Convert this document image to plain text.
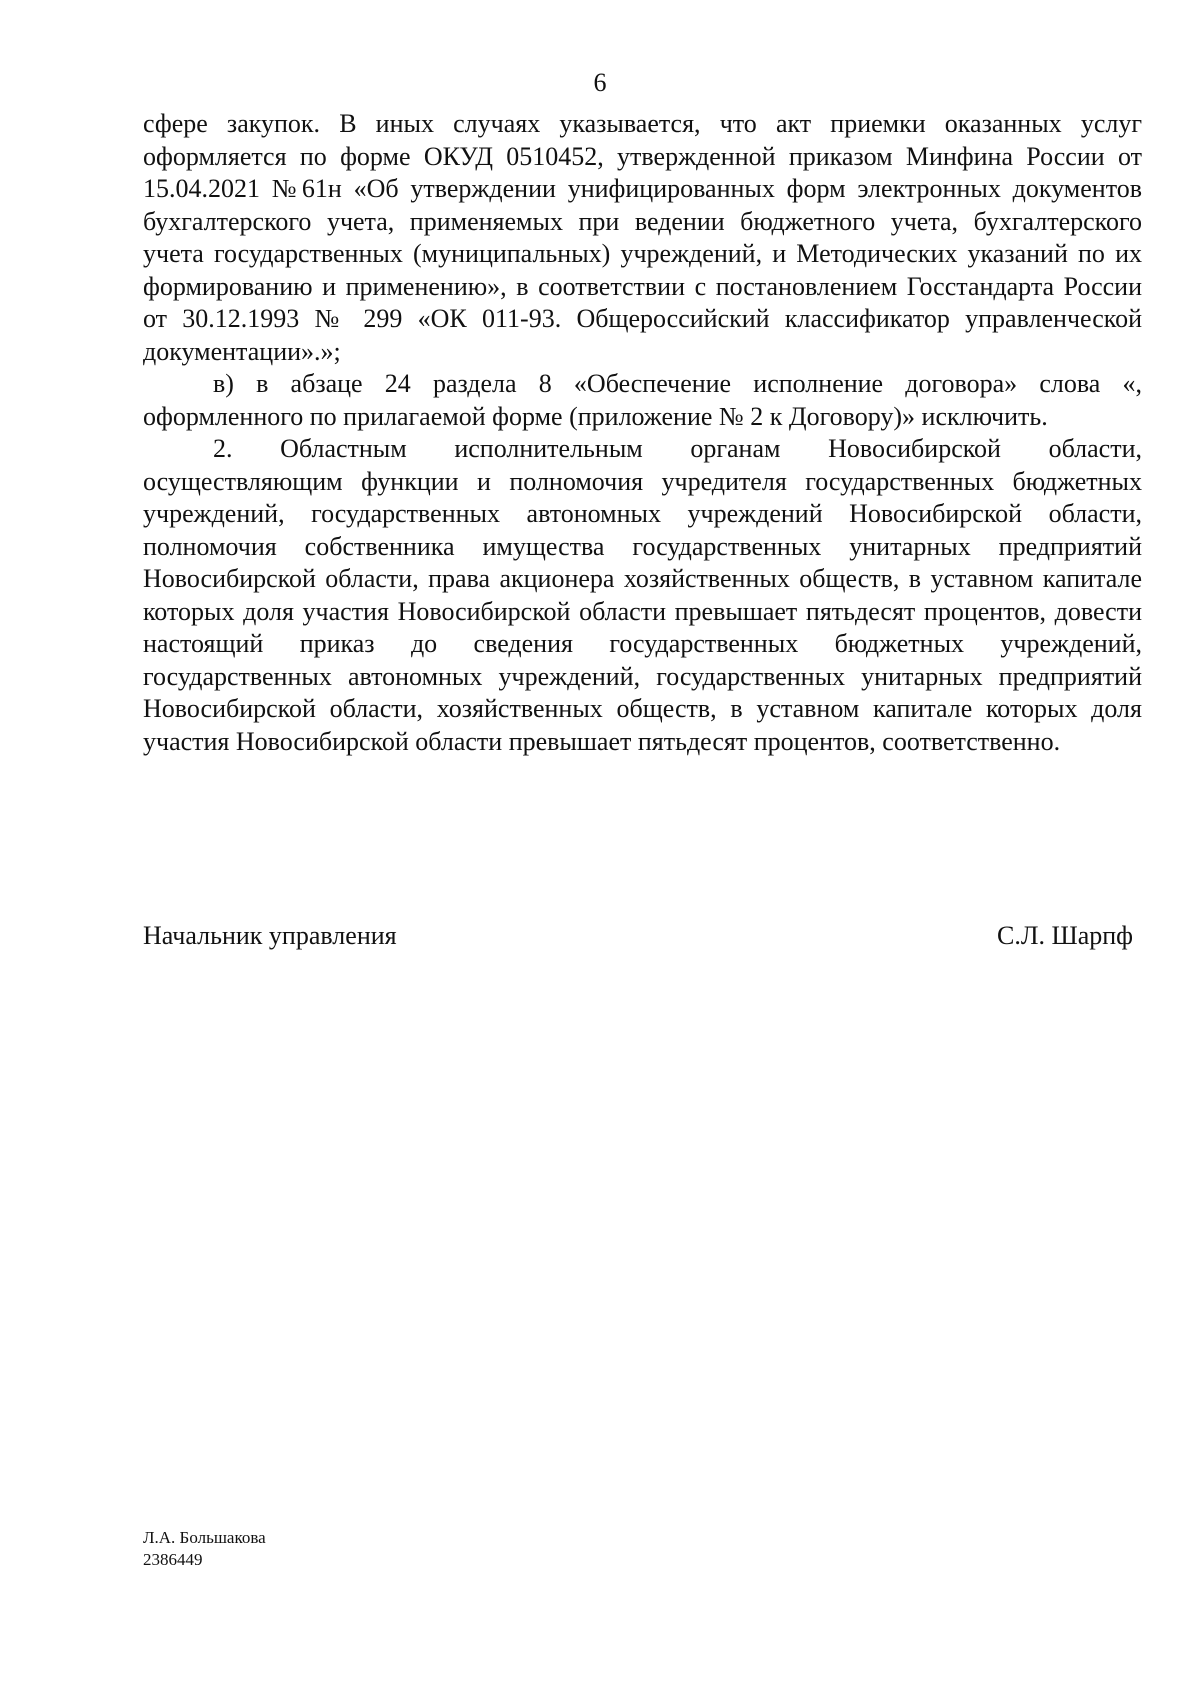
6

сфере закупок. В иных случаях указывается, что акт приемки оказанных услуг оформляется по форме ОКУД 0510452, утвержденной приказом Минфина России от 15.04.2021 №61н «Об утверждении унифицированных форм электронных документов бухгалтерского учета, применяемых при ведении бюджетного учета, бухгалтерского учета государственных (муниципальных) учреждений, и Методических указаний по их формированию и применению», в соответствии с постановлением Госстандарта России от 30.12.1993 № 299 «ОК 011-93. Общероссийский классификатор управленческой документации».»;

в) в абзаце 24 раздела 8 «Обеспечение исполнение договора» слова «, оформленного по прилагаемой форме (приложение № 2 к Договору)» исключить.

2. Областным исполнительным органам Новосибирской области, осуществляющим функции и полномочия учредителя государственных бюджетных учреждений, государственных автономных учреждений Новосибирской области, полномочия собственника имущества государственных унитарных предприятий Новосибирской области, права акционера хозяйственных обществ, в уставном капитале которых доля участия Новосибирской области превышает пятьдесят процентов, довести настоящий приказ до сведения государственных бюджетных учреждений, государственных автономных учреждений, государственных унитарных предприятий Новосибирской области, хозяйственных обществ, в уставном капитале которых доля участия Новосибирской области превышает пятьдесят процентов, соответственно.

Начальник управления	С.Л. Шарпф
Л.А. Большакова
2386449
